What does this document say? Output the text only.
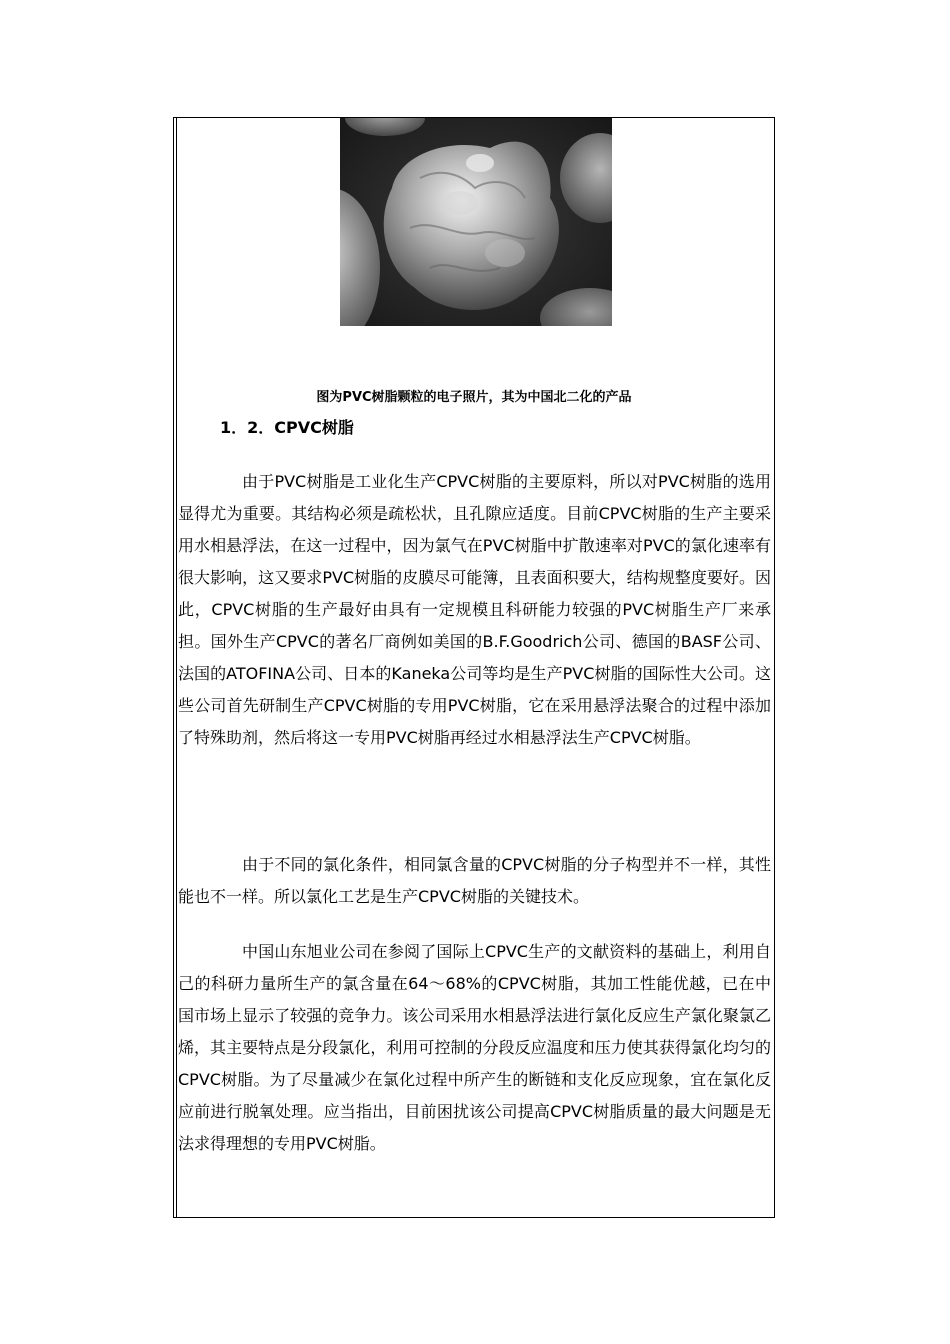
图为PVC树脂颗粒的电子照片，其为中国北二化的产品
1．2．CPVC树脂

由于PVC树脂是工业化生产CPVC树脂的主要原料，所以对PVC树脂的选用显得尤为重要。其结构必须是疏松状，且孔隙应适度。目前CPVC树脂的生产主要采用水相悬浮法，在这一过程中，因为氯气在PVC树脂中扩散速率对PVC的氯化速率有很大影响，这又要求PVC树脂的皮膜尽可能簿，且表面积要大，结构规整度要好。因此，CPVC树脂的生产最好由具有一定规模且科研能力较强的PVC树脂生产厂来承担。国外生产CPVC的著名厂商例如美国的B.F.Goodrich公司、德国的BASF公司、法国的ATOFINA公司、日本的Kaneka公司等均是生产PVC树脂的国际性大公司。这些公司首先研制生产CPVC树脂的专用PVC树脂，它在采用悬浮法聚合的过程中添加了特殊助剂，然后将这一专用PVC树脂再经过水相悬浮法生产CPVC树脂。

由于不同的氯化条件，相同氯含量的CPVC树脂的分子构型并不一样，其性能也不一样。所以氯化工艺是生产CPVC树脂的关键技术。

中国山东旭业公司在参阅了国际上CPVC生产的文献资料的基础上，利用自己的科研力量所生产的氯含量在64～68%的CPVC树脂，其加工性能优越，已在中国市场上显示了较强的竞争力。该公司采用水相悬浮法进行氯化反应生产氯化聚氯乙烯，其主要特点是分段氯化，利用可控制的分段反应温度和压力使其获得氯化均匀的CPVC树脂。为了尽量减少在氯化过程中所产生的断链和支化反应现象，宜在氯化反应前进行脱氧处理。应当指出，目前困扰该公司提高CPVC树脂质量的最大问题是无法求得理想的专用PVC树脂。
